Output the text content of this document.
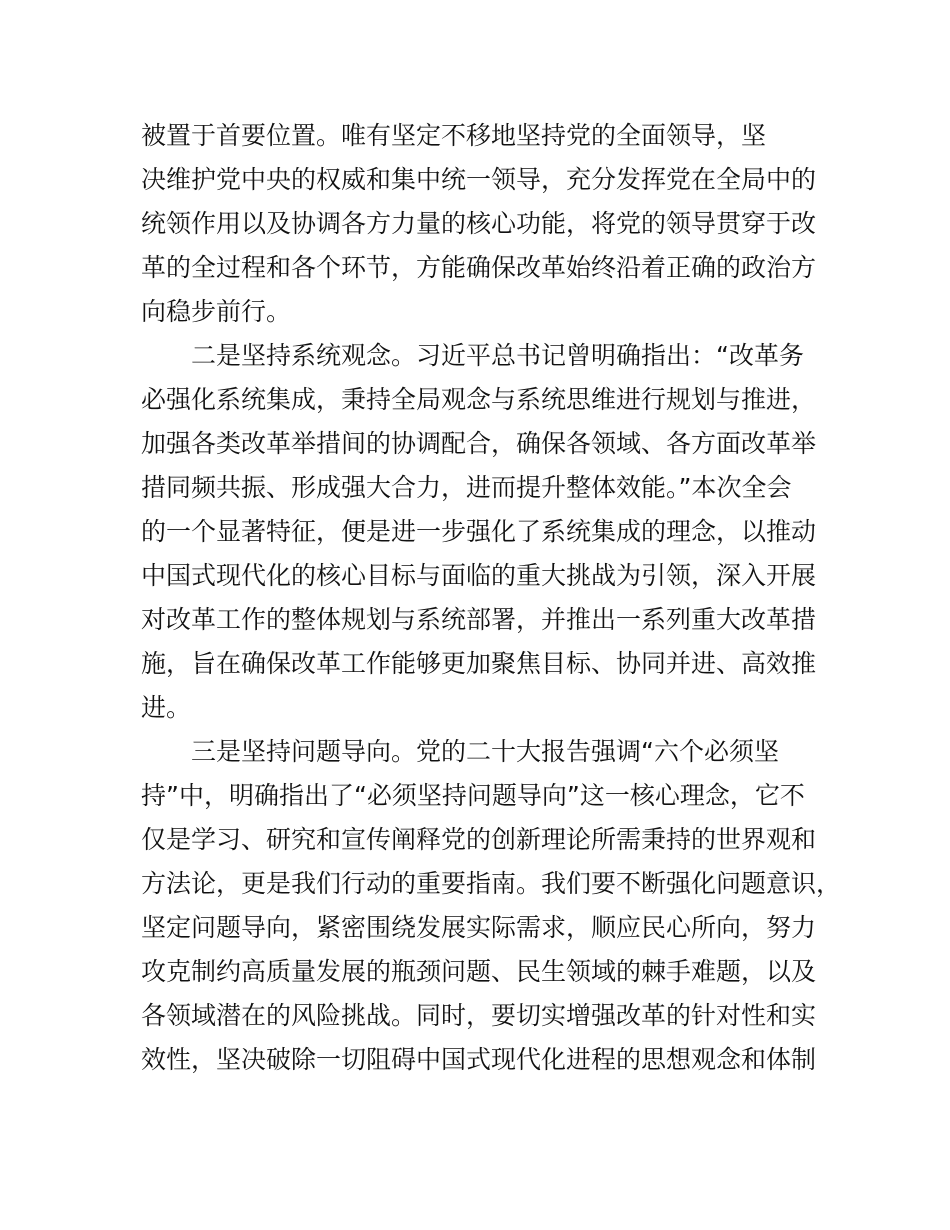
被置于首要位置。唯有坚定不移地坚持党的全面领导，坚
决维护党中央的权威和集中统一领导，充分发挥党在全局中的
统领作用以及协调各方力量的核心功能，将党的领导贯穿于改
革的全过程和各个环节，方能确保改革始终沿着正确的政治方
向稳步前行。
二是坚持系统观念。习近平总书记曾明确指出：“改革务
必强化系统集成，秉持全局观念与系统思维进行规划与推进，
加强各类改革举措间的协调配合，确保各领域、各方面改革举
措同频共振、形成强大合力，进而提升整体效能。”本次全会
的一个显著特征，便是进一步强化了系统集成的理念，以推动
中国式现代化的核心目标与面临的重大挑战为引领，深入开展
对改革工作的整体规划与系统部署，并推出一系列重大改革措
施，旨在确保改革工作能够更加聚焦目标、协同并进、高效推
进。
三是坚持问题导向。党的二十大报告强调“六个必须坚
持”中，明确指出了“必须坚持问题导向”这一核心理念，它不
仅是学习、研究和宣传阐释党的创新理论所需秉持的世界观和
方法论，更是我们行动的重要指南。我们要不断强化问题意识，
坚定问题导向，紧密围绕发展实际需求，顺应民心所向，努力
攻克制约高质量发展的瓶颈问题、民生领域的棘手难题，以及
各领域潜在的风险挑战。同时，要切实增强改革的针对性和实
效性，坚决破除一切阻碍中国式现代化进程的思想观念和体制
